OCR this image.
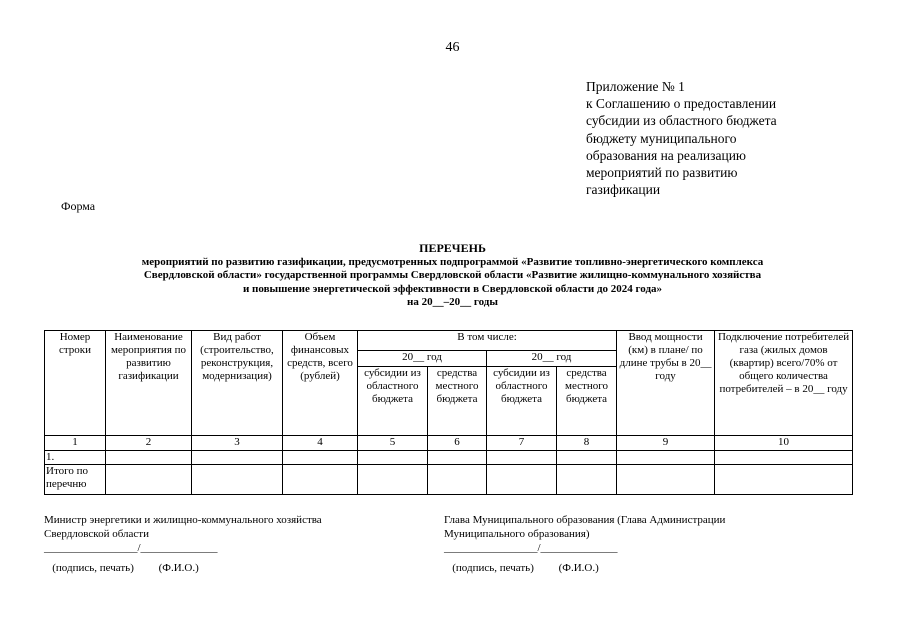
46
Приложение № 1
к Соглашению о предоставлении
субсидии из областного бюджета
бюджету муниципального
образования на реализацию
мероприятий по развитию
газификации
Форма
ПЕРЕЧЕНЬ
мероприятий по развитию газификации, предусмотренных подпрограммой «Развитие топливно-энергетического комплекса
Свердловской области» государственной программы Свердловской области «Развитие жилищно-коммунального хозяйства
и повышение энергетической эффективности в Свердловской области до 2024 года»
на 20__–20__ годы
Номер строки	Наименование мероприятия по развитию газификации	Вид работ (строительство, реконструкция, модернизация)	Объем финансовых средств, всего (рублей)	В том числе:				Ввод мощности (км) в плане/ по длине трубы в 20__ году	Подключение потребителей газа (жилых домов (квартир) всего/70% от общего количества потребителей – в 20__ году
				20__ год		20__ год			
				субсидии из областного бюджета	средства местного бюджета	субсидии из областного бюджета	средства местного бюджета		
1	2	3	4	5	6	7	8	9	10
1.									
Итого по перечню									
Министр энергетики и жилищно-коммунального хозяйства
Свердловской области
_________________/______________
(подпись, печать)         (Ф.И.О.)
Глава Муниципального образования (Глава Администрации
Муниципального образования)
_________________/______________
(подпись, печать)         (Ф.И.О.)
